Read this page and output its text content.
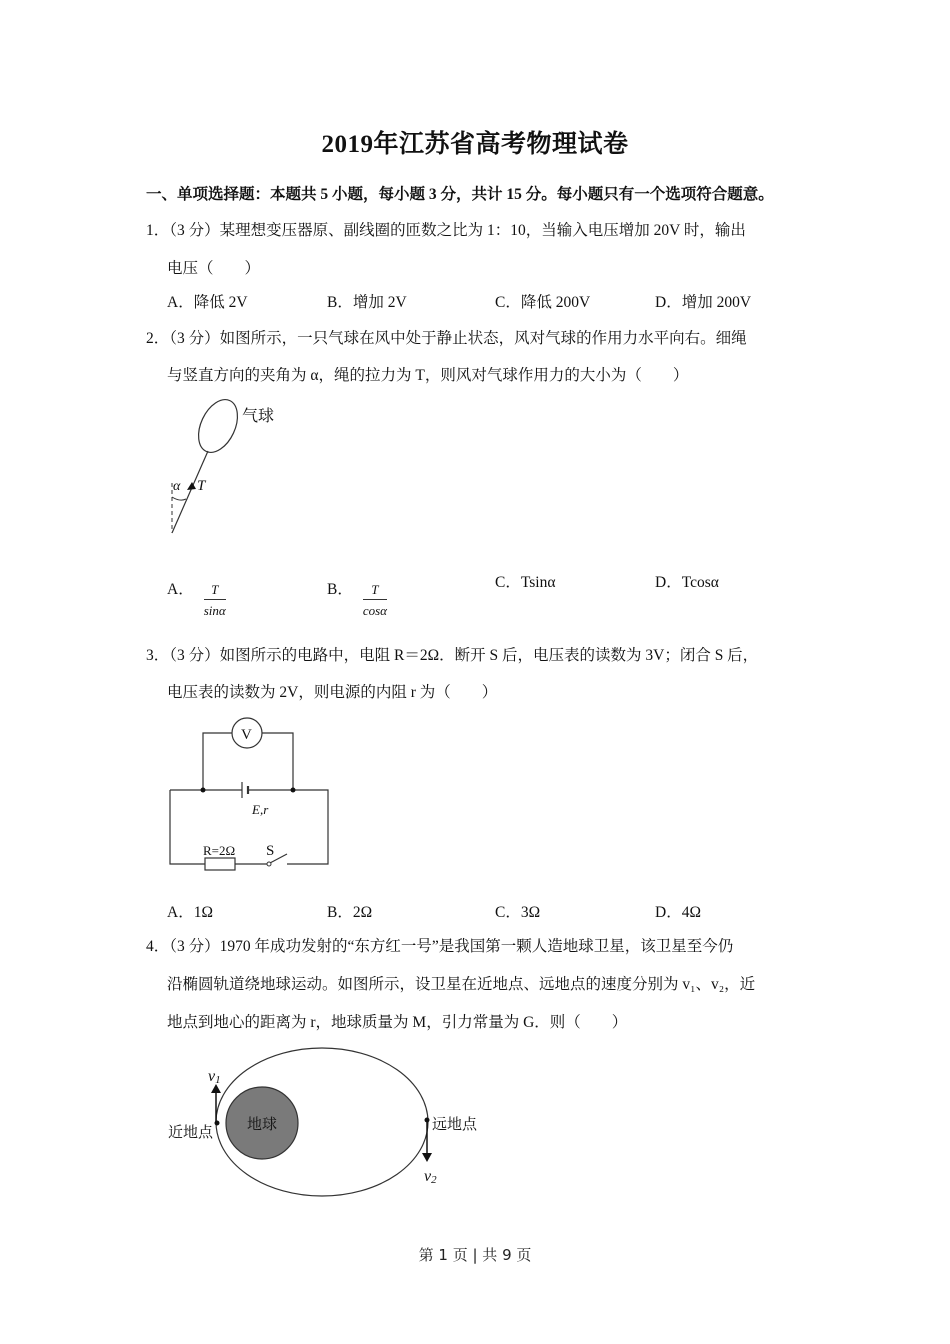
2019年江苏省高考物理试卷
一、单项选择题：本题共 5 小题，每小题 3 分，共计 15 分。每小题只有一个选项符合题意。
1．（3 分）某理想变压器原、副线圈的匝数之比为 1：10，当输入电压增加 20V 时，输出
电压（　　）
A．降低 2V	B．增加 2V	C．降低 200V	D．增加 200V
2．（3 分）如图所示，一只气球在风中处于静止状态，风对气球的作用力水平向右。细绳
与竖直方向的夹角为 α，绳的拉力为 T，则风对气球作用力的大小为（　　）
α T
气球
A． $\frac{T}{\sin\alpha}$	B． $\frac{T}{\cos\alpha}$	C．Tsinα	D．Tcosα
3．（3 分）如图所示的电路中，电阻 R＝2Ω．断开 S 后，电压表的读数为 3V；闭合 S 后，
电压表的读数为 2V，则电源的内阻 r 为（　　）
V
E,r
R=2Ω S
A．1Ω	B．2Ω	C．3Ω	D．4Ω
4．（3 分）1970 年成功发射的“东方红一号”是我国第一颗人造地球卫星，该卫星至今仍
沿椭圆轨道绕地球运动。如图所示，设卫星在近地点、远地点的速度分别为 v₁、v₂，近
地点到地心的距离为 r，地球质量为 M，引力常量为 G．则（　　）
地球
v1
v2
近地点	远地点
第 1 页 | 共 9 页
